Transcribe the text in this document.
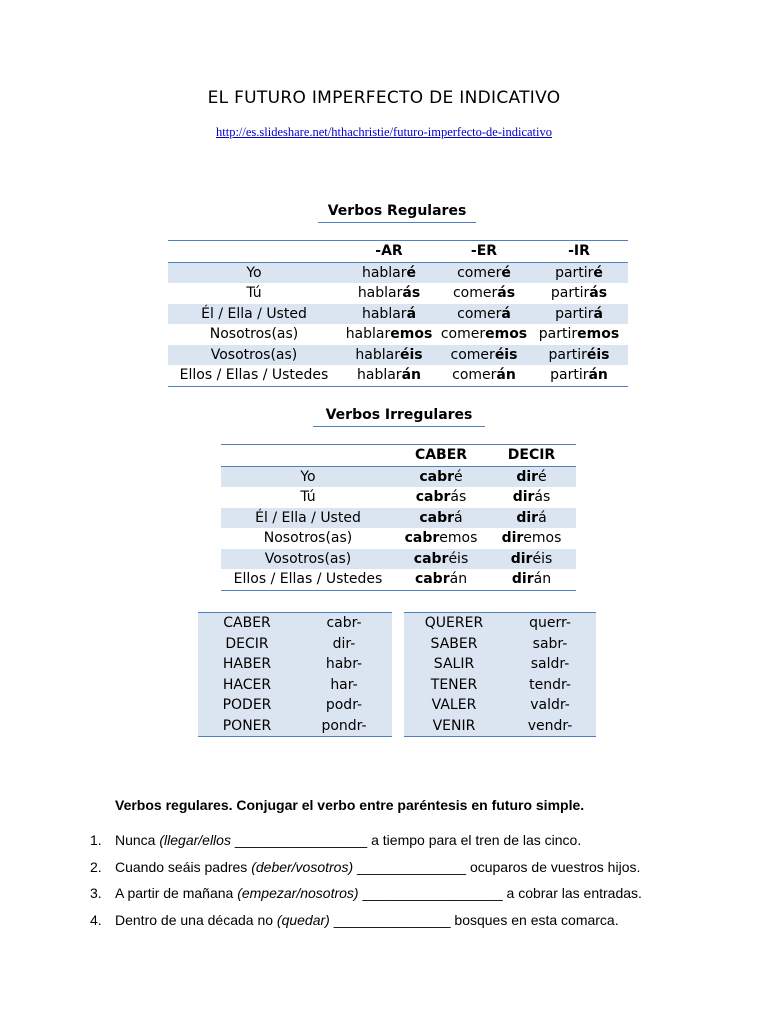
EL FUTURO IMPERFECTO DE INDICATIVO
http://es.slideshare.net/hthachristie/futuro-imperfecto-de-indicativo
Verbos Regulares
	-AR	-ER	-IR
Yo	hablaré	comeré	partiré
Tú	hablarás	comerás	partirás
Él / Ella / Usted	hablará	comerá	partirá
Nosotros(as)	hablaremos	comeremos	partiremos
Vosotros(as)	hablaréis	comeréis	partiréis
Ellos / Ellas / Ustedes	hablarán	comerán	partirán
Verbos Irregulares
	CABER	DECIR
Yo	cabré	diré
Tú	cabrás	dirás
Él / Ella / Usted	cabrá	dirá
Nosotros(as)	cabremos	diremos
Vosotros(as)	cabréis	diréis
Ellos / Ellas / Ustedes	cabrán	dirán
CABER	cabr-
DECIR	dir-
HABER	habr-
HACER	har-
PODER	podr-
PONER	pondr-
QUERER	querr-
SABER	sabr-
SALIR	saldr-
TENER	tendr-
VALER	valdr-
VENIR	vendr-
Verbos regulares. Conjugar el verbo entre paréntesis en futuro simple.
1. Nunca (llegar/ellos _________________ a tiempo para el tren de las cinco.
2. Cuando seáis padres (deber/vosotros) ______________ ocuparos de vuestros hijos.
3. A partir de mañana (empezar/nosotros) __________________ a cobrar las entradas.
4. Dentro de una década no (quedar) _______________ bosques en esta comarca.
